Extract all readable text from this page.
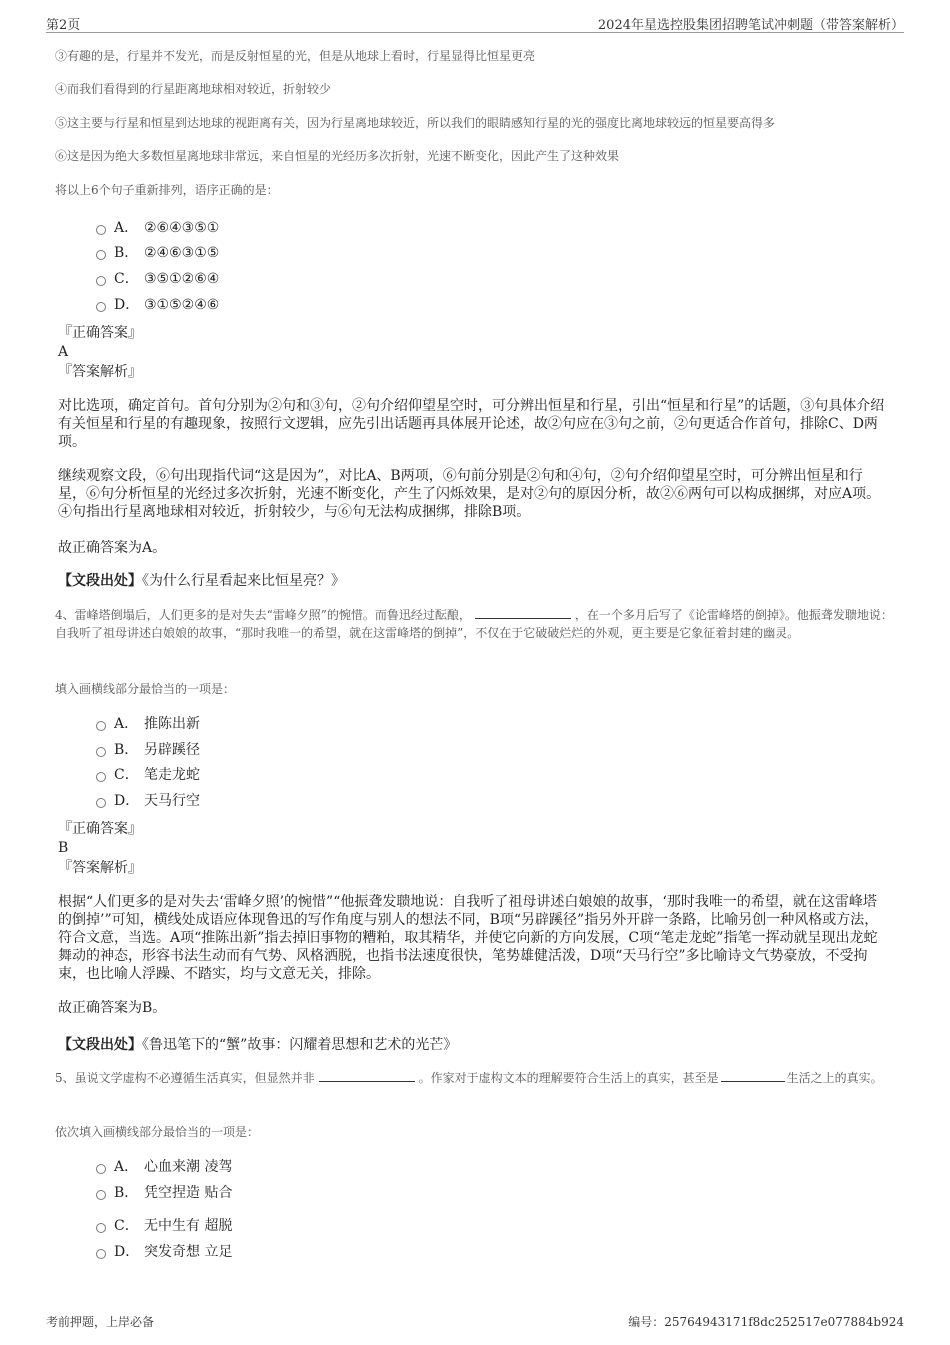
第2页	2024年星选控股集团招聘笔试冲刺题（带答案解析）
③有趣的是，行星并不发光，而是反射恒星的光，但是从地球上看时，行星显得比恒星更亮
④而我们看得到的行星距离地球相对较近，折射较少
⑤这主要与行星和恒星到达地球的视距离有关，因为行星离地球较近，所以我们的眼睛感知行星的光的强度比离地球较远的恒星要高得多
⑥这是因为绝大多数恒星离地球非常远，来自恒星的光经历多次折射，光速不断变化，因此产生了这种效果
将以上6个句子重新排列，语序正确的是：
A． ②⑥④③⑤①
B． ②④⑥③①⑤
C． ③⑤①②⑥④
D． ③①⑤②④⑥
『正确答案』
A
『答案解析』
对比选项，确定首句。首句分别为②句和③句，②句介绍仰望星空时，可分辨出恒星和行星，引出“恒星和行星”的话题，③句具体介绍有关恒星和行星的有趣现象，按照行文逻辑，应先引出话题再具体展开论述，故②句应在③句之前，②句更适合作首句，排除C、D两项。
继续观察文段，⑥句出现指代词“这是因为”，对比A、B两项，⑥句前分别是②句和④句，②句介绍仰望星空时，可分辨出恒星和行星，⑥句分析恒星的光经过多次折射，光速不断变化，产生了闪烁效果，是对②句的原因分析，故②⑥两句可以构成捆绑，对应A项。④句指出行星离地球相对较近，折射较少，与⑥句无法构成捆绑，排除B项。
故正确答案为A。
【文段出处】《为什么行星看起来比恒星亮？》
4、雷峰塔倒塌后，人们更多的是对失去“雷峰夕照”的惋惜。而鲁迅经过酝酿，	，在一个多月后写了《论雷峰塔的倒掉》。他振聋发聩地说：自我听了祖母讲述白娘娘的故事，“那时我唯一的希望，就在这雷峰塔的倒掉”，不仅在于它破破烂烂的外观，更主要是它象征着封建的幽灵。
填入画横线部分最恰当的一项是：
A． 推陈出新
B． 另辟蹊径
C． 笔走龙蛇
D． 天马行空
『正确答案』
B
『答案解析』
根据“人们更多的是对失去‘雷峰夕照’的惋惜”“他振聋发聩地说：自我听了祖母讲述白娘娘的故事，‘那时我唯一的希望，就在这雷峰塔的倒掉’”可知，横线处成语应体现鲁迅的写作角度与别人的想法不同，B项“另辟蹊径”指另外开辟一条路，比喻另创一种风格或方法，符合文意，当选。A项“推陈出新”指去掉旧事物的糟粕，取其精华，并使它向新的方向发展，C项“笔走龙蛇”指笔一挥动就呈现出龙蛇舞动的神态，形容书法生动而有气势、风格洒脱，也指书法速度很快，笔势雄健活泼，D项“天马行空”多比喻诗文气势豪放，不受拘束，也比喻人浮躁、不踏实，均与文意无关，排除。
故正确答案为B。
【文段出处】《鲁迅笔下的“蟹”故事：闪耀着思想和艺术的光芒》
5、虽说文学虚构不必遵循生活真实，但显然并非	。作家对于虚构文本的理解要符合生活上的真实，甚至是	生活之上的真实。
依次填入画横线部分最恰当的一项是：
A． 心血来潮 凌驾
B． 凭空捏造 贴合
C． 无中生有 超脱
D． 突发奇想 立足
考前押题，上岸必备	编号：25764943171f8dc252517e077884b924
